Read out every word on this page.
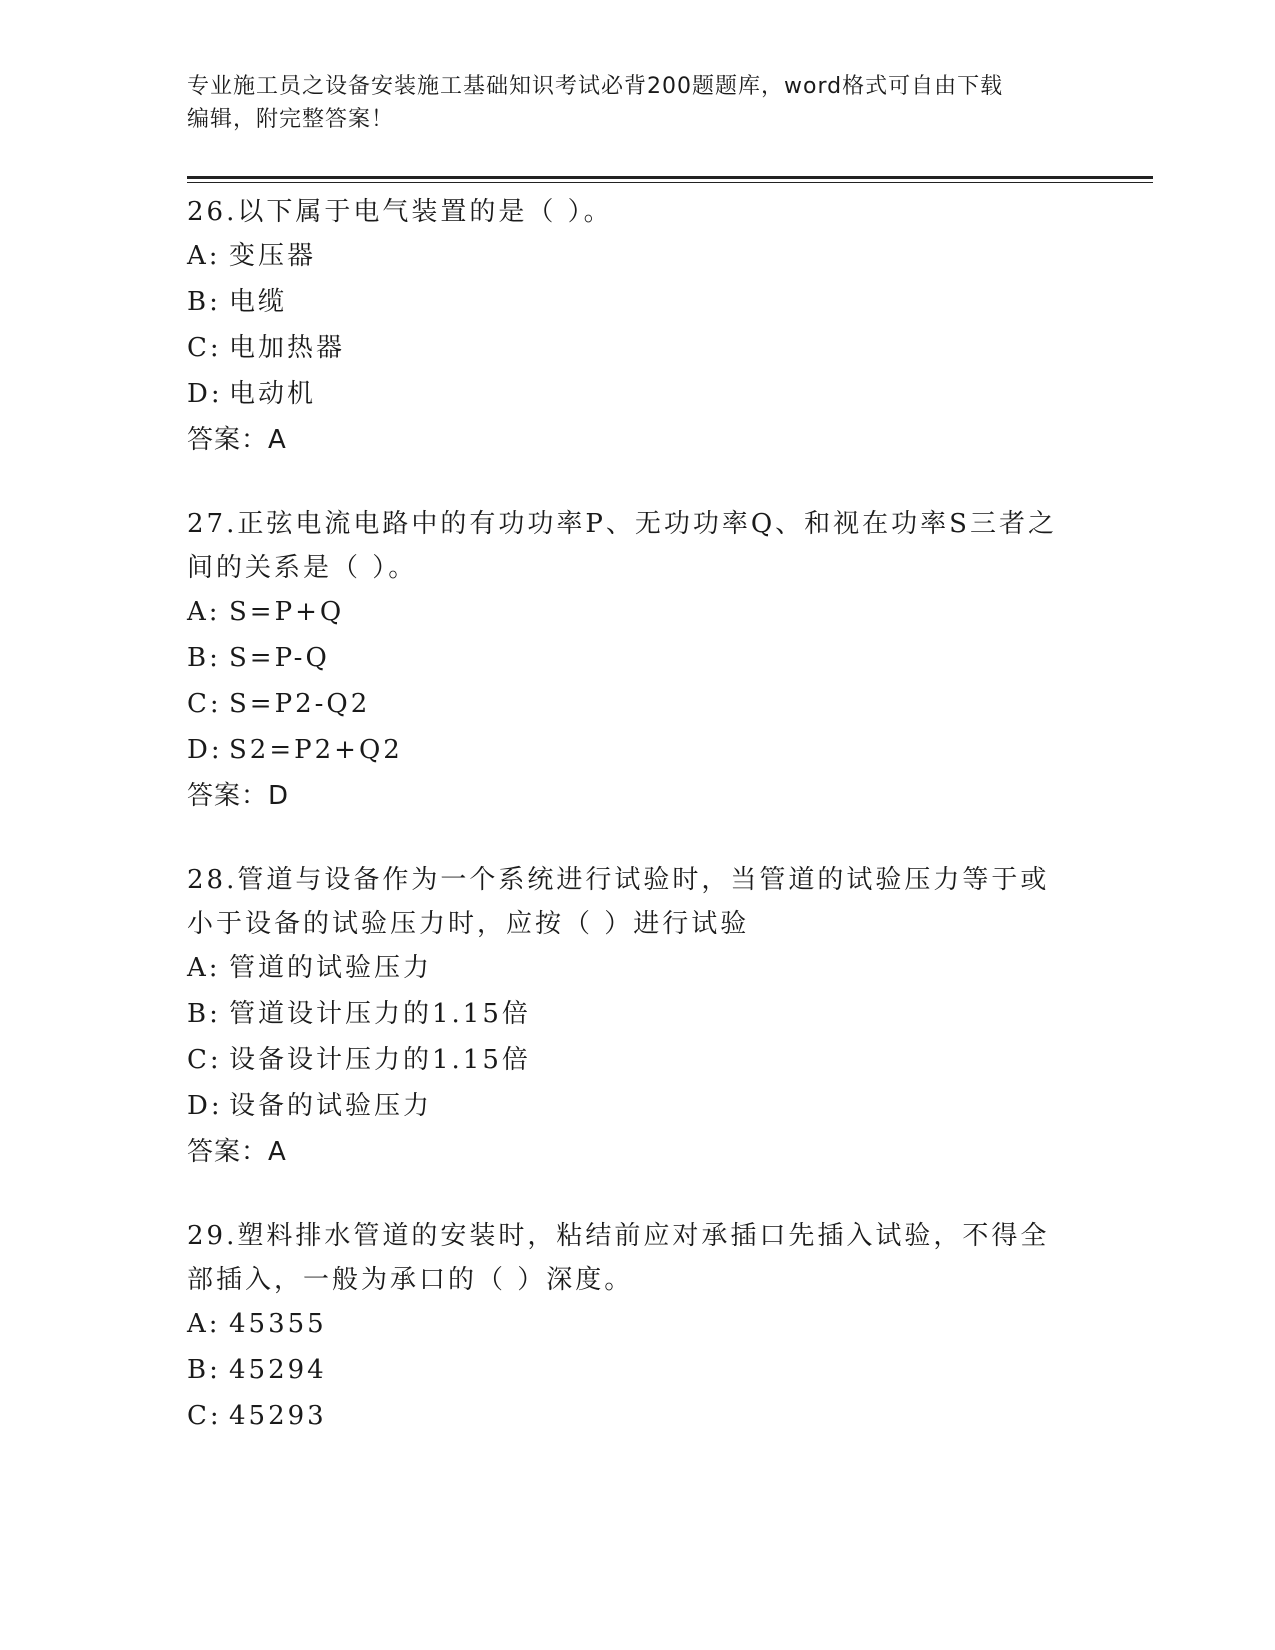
专业施工员之设备安装施工基础知识考试必背200题题库，word格式可自由下载
编辑，附完整答案！
26.以下属于电气装置的是（ ）。
A: 变压器
B: 电缆
C: 电加热器
D: 电动机
答案：A
27.正弦电流电路中的有功功率P、无功功率Q、和视在功率S三者之间的关系是（ ）。
A: S=P+Q
B: S=P-Q
C: S=P2-Q2
D: S2=P2+Q2
答案：D
28.管道与设备作为一个系统进行试验时，当管道的试验压力等于或小于设备的试验压力时，应按（ ）进行试验
A: 管道的试验压力
B: 管道设计压力的1.15倍
C: 设备设计压力的1.15倍
D: 设备的试验压力
答案：A
29.塑料排水管道的安装时，粘结前应对承插口先插入试验，不得全部插入，一般为承口的（ ）深度。
A: 45355
B: 45294
C: 45293
